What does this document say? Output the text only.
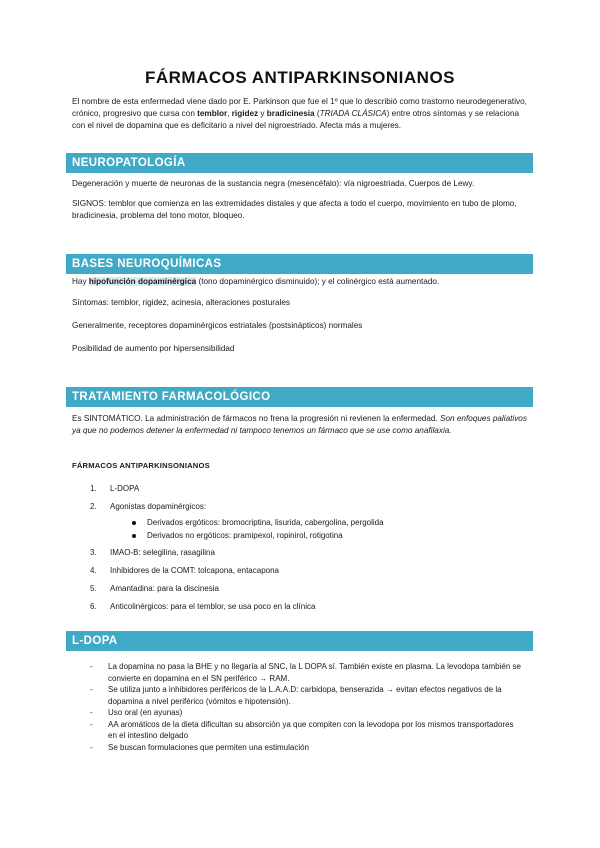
FÁRMACOS ANTIPARKINSONIANOS

El nombre de esta enfermedad viene dado por E. Parkinson que fue el 1º que lo describió como trastorno neurodegenerativo, crónico, progresivo que cursa con temblor, rigidez y bradicinesia (TRIADA CLÁSICA) entre otros síntomas y se relaciona con el nivel de dopamina que es deficitario a nivel del nigroestriado. Afecta más a mujeres.

NEUROPATOLOGÍA

Degeneración y muerte de neuronas de la sustancia negra (mesencéfalo): vía nigroestriada. Cuerpos de Lewy.

SIGNOS: temblor que comienza en las extremidades distales y que afecta a todo el cuerpo, movimiento en tubo de plomo, bradicinesia, problema del tono motor, bloqueo.

BASES NEUROQUÍMICAS

Hay hipofunción dopaminérgica (tono dopaminérgico disminuido); y el colinérgico está aumentado.

Síntomas: temblor, rigidez, acinesia, alteraciones posturales

Generalmente, receptores dopaminérgicos estriatales (postsinápticos) normales

Posibilidad de aumento por hipersensibilidad

TRATAMIENTO FARMACOLÓGICO

Es SINTOMÁTICO. La administración de fármacos no frena la progresión ni revienen la enfermedad. Son enfoques paliativos ya que no podemos detener la enfermedad ni tampoco tenemos un fármaco que se use como anafilaxia.

FÁRMACOS ANTIPARKINSONIANOS
1.	L-DOPA
2.	Agonistas dopaminérgicos:
Derivados ergóticos: bromocriptina, lisurida, cabergolina, pergolida
Derivados no ergóticos: pramipexol, ropinirol, rotigotina
3.	IMAO-B: selegilina, rasagilina
4.	Inhibidores de la COMT: tolcapona, entacapona
5.	Amantadina: para la discinesia
6.	Anticolinérgicos: para el temblor, se usa poco en la clínica
L-DOPA
- La dopamina no pasa la BHE y no llegaría al SNC, la L DOPA sí. También existe en plasma. La levodopa también se convierte en dopamina en el SN periférico → RAM.
- Se utiliza junto a inhibidores periféricos de la L.A.A.D: carbidopa, benserazida → evitan efectos negativos de la dopamina a nivel periférico (vómitos e hipotensión).
- Uso oral (en ayunas)
- AA aromáticos de la dieta dificultan su absorción ya que compiten con la levodopa por los mismos transportadores en el intestino delgado
- Se buscan formulaciones que permiten una estimulación
